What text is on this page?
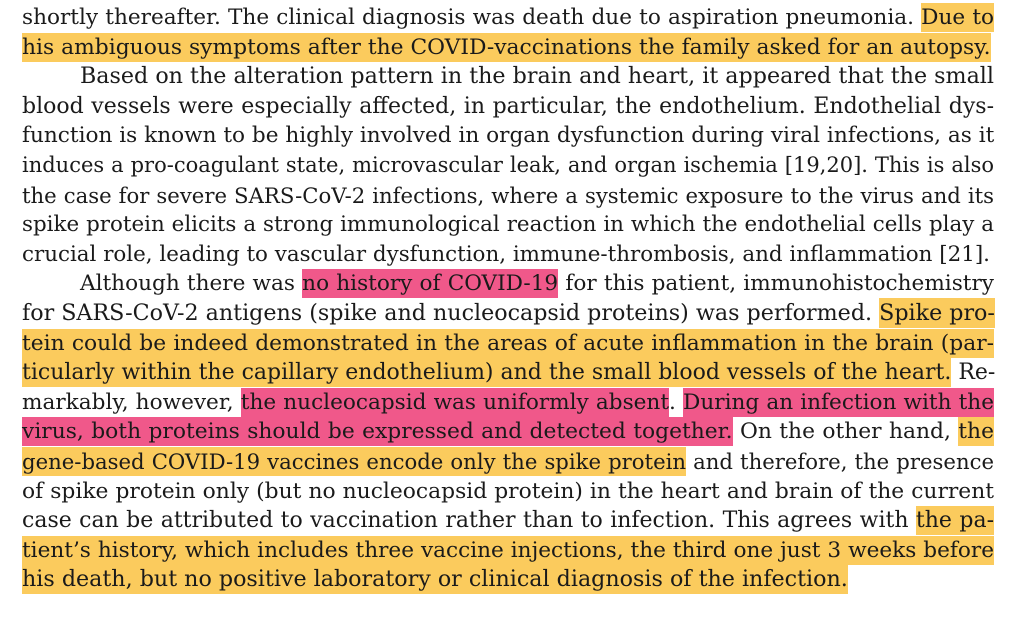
shortly thereafter. The clinical diagnosis was death due to aspiration pneumonia. Due to
his ambiguous symptoms after the COVID-vaccinations the family asked for an autopsy.
Based on the alteration pattern in the brain and heart, it appeared that the small
blood vessels were especially affected, in particular, the endothelium. Endothelial dys-
function is known to be highly involved in organ dysfunction during viral infections, as it
induces a pro-coagulant state, microvascular leak, and organ ischemia [19,20]. This is also
the case for severe SARS-CoV-2 infections, where a systemic exposure to the virus and its
spike protein elicits a strong immunological reaction in which the endothelial cells play a
crucial role, leading to vascular dysfunction, immune-thrombosis, and inflammation [21].
Although there was no history of COVID-19 for this patient, immunohistochemistry
for SARS-CoV-2 antigens (spike and nucleocapsid proteins) was performed. Spike pro-
tein could be indeed demonstrated in the areas of acute inflammation in the brain (par-
ticularly within the capillary endothelium) and the small blood vessels of the heart. Re-
markably, however, the nucleocapsid was uniformly absent. During an infection with the
virus, both proteins should be expressed and detected together. On the other hand, the
gene-based COVID-19 vaccines encode only the spike protein and therefore, the presence
of spike protein only (but no nucleocapsid protein) in the heart and brain of the current
case can be attributed to vaccination rather than to infection. This agrees with the pa-
tient’s history, which includes three vaccine injections, the third one just 3 weeks before
his death, but no positive laboratory or clinical diagnosis of the infection.
